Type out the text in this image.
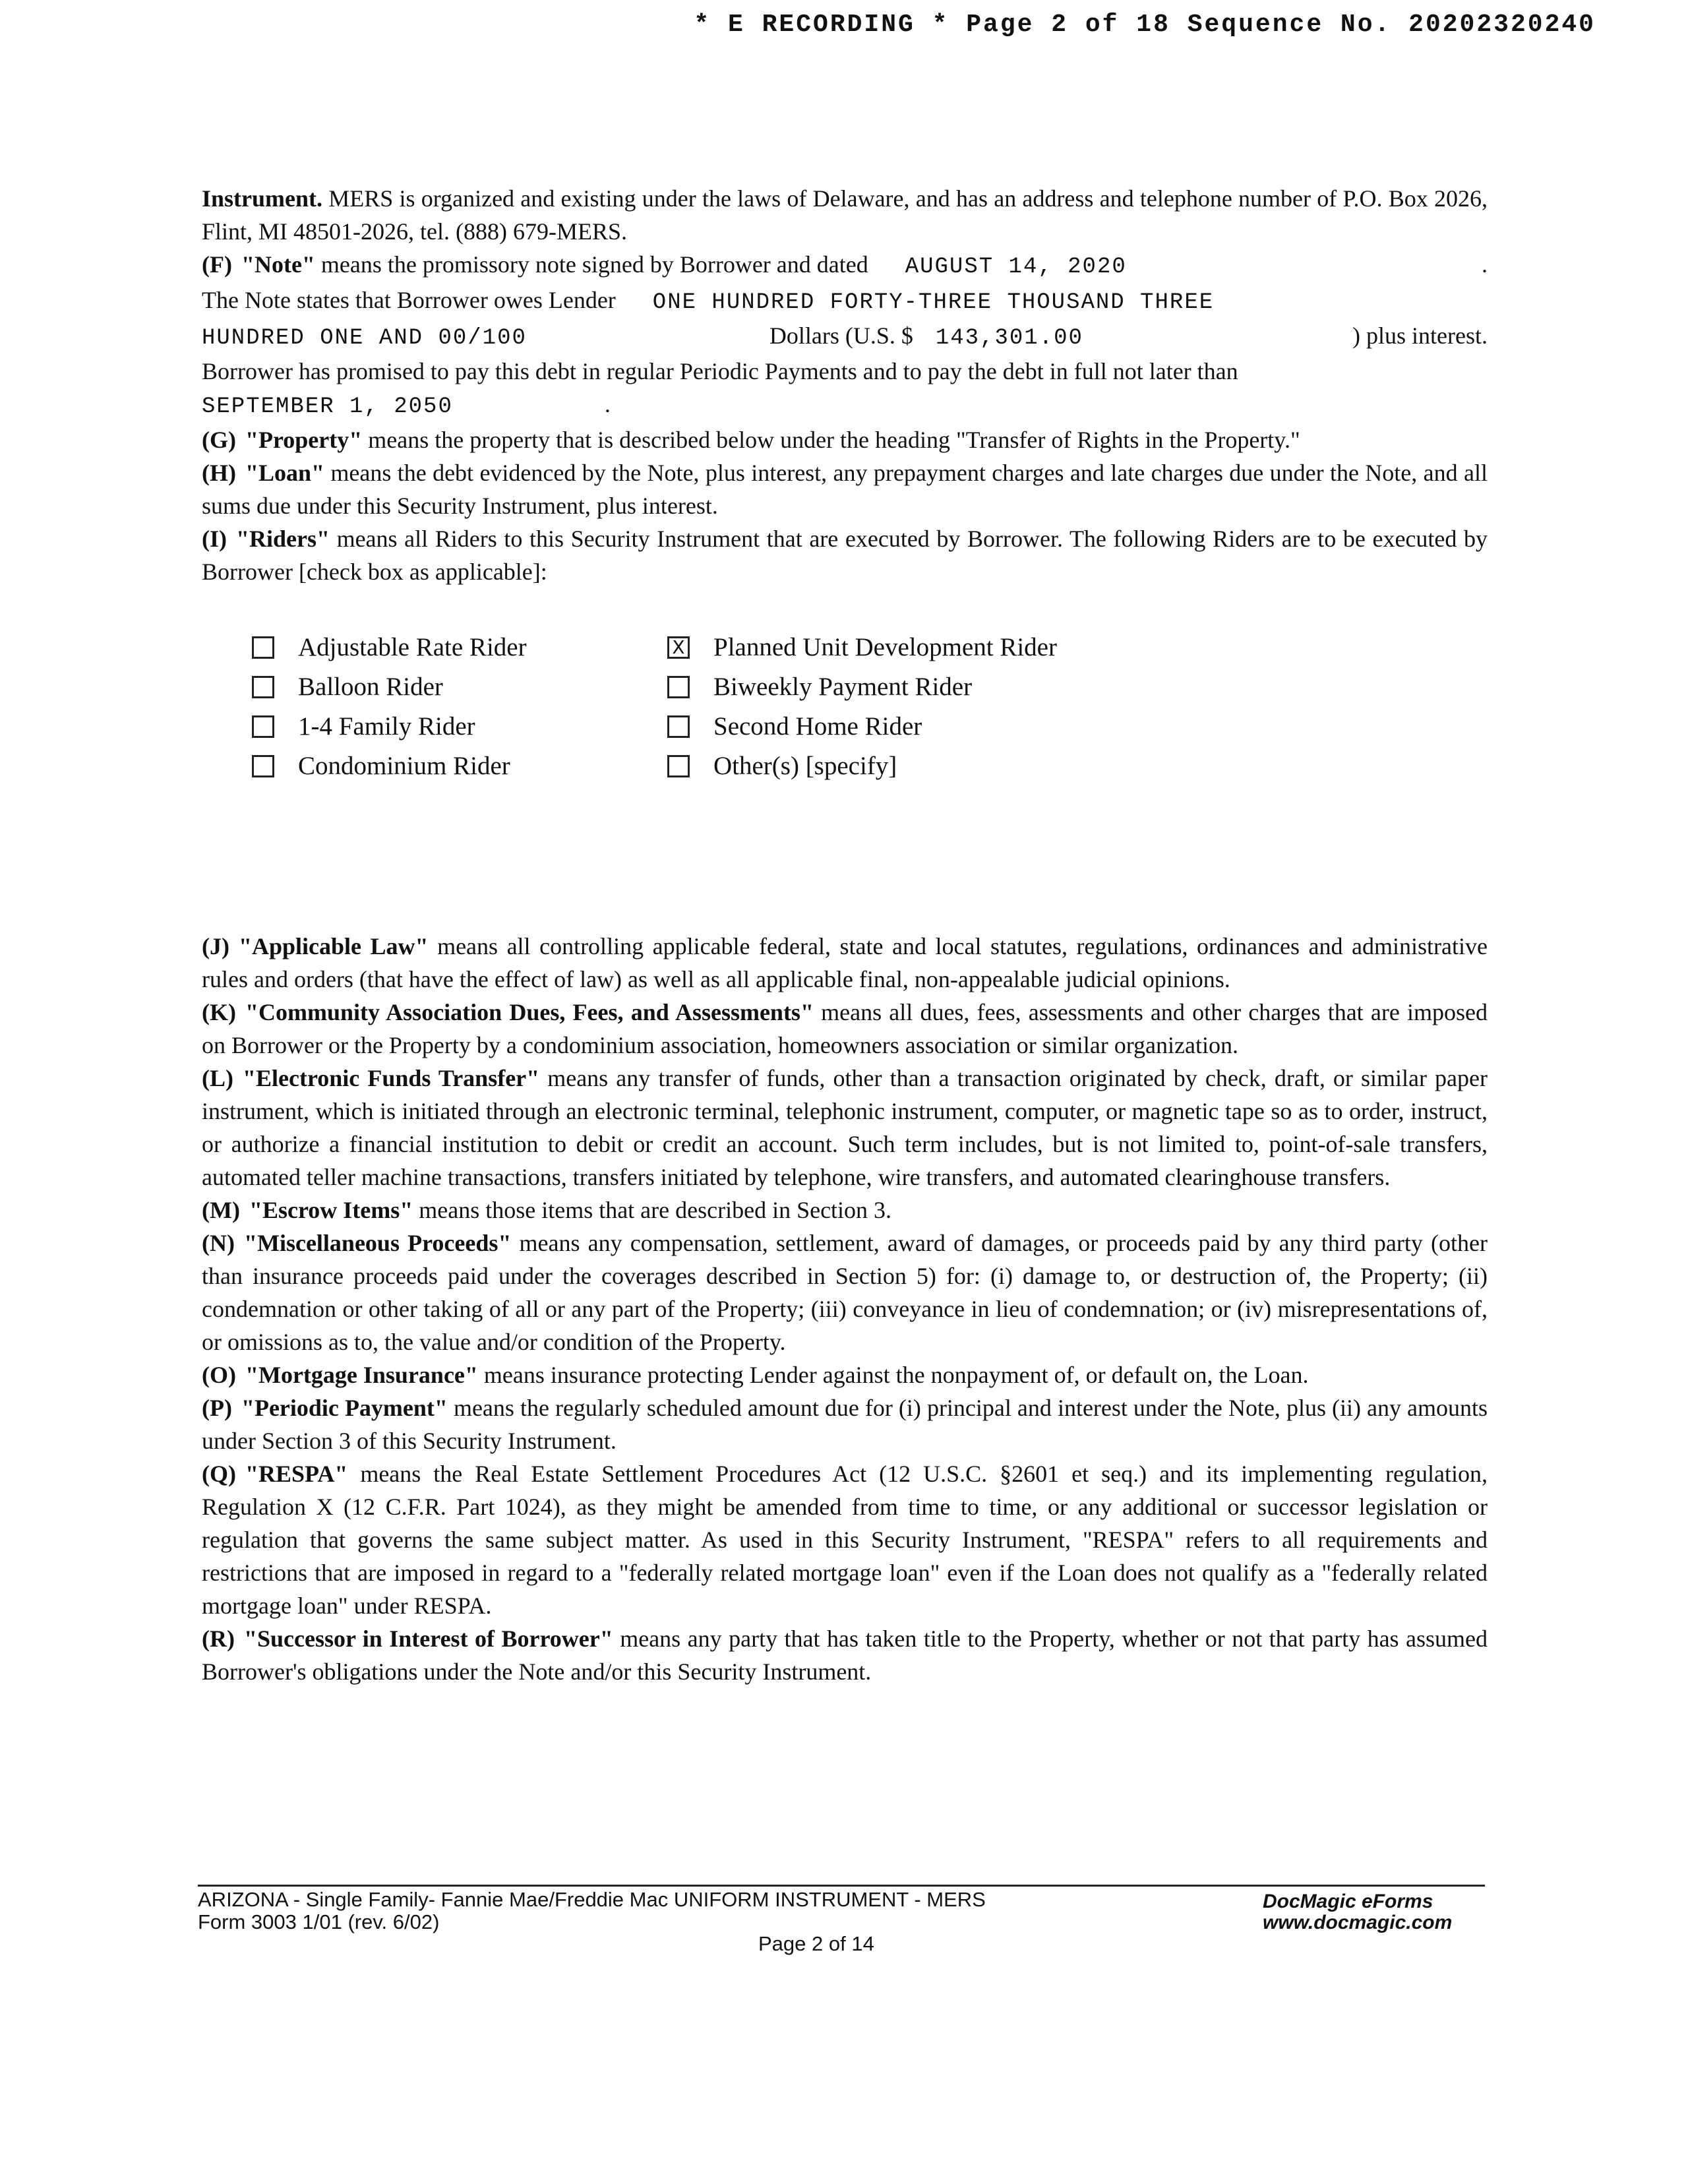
* E RECORDING * Page 2 of 18 Sequence No. 20202320240

Instrument. MERS is organized and existing under the laws of Delaware, and has an address and telephone number of P.O. Box 2026, Flint, MI 48501-2026, tel. (888) 679-MERS.

(F) "Note" means the promissory note signed by Borrower and dated AUGUST 14, 2020	.
The Note states that Borrower owes Lender ONE HUNDRED FORTY-THREE THOUSAND THREE
HUNDRED ONE AND 00/100	Dollars (U.S. $ 143,301.00	) plus interest.

Borrower has promised to pay this debt in regular Periodic Payments and to pay the debt in full not later than

SEPTEMBER 1, 2050	.

(G) "Property" means the property that is described below under the heading "Transfer of Rights in the Property."

(H) "Loan" means the debt evidenced by the Note, plus interest, any prepayment charges and late charges due under the Note, and all sums due under this Security Instrument, plus interest.

(I) "Riders" means all Riders to this Security Instrument that are executed by Borrower. The following Riders are to be executed by Borrower [check box as applicable]:

Adjustable Rate Rider	X Planned Unit Development Rider
Balloon Rider	Biweekly Payment Rider
1-4 Family Rider	Second Home Rider
Condominium Rider	Other(s) [specify]

(J) "Applicable Law" means all controlling applicable federal, state and local statutes, regulations, ordinances and administrative rules and orders (that have the effect of law) as well as all applicable final, non-appealable judicial opinions.

(K) "Community Association Dues, Fees, and Assessments" means all dues, fees, assessments and other charges that are imposed on Borrower or the Property by a condominium association, homeowners association or similar organization.

(L) "Electronic Funds Transfer" means any transfer of funds, other than a transaction originated by check, draft, or similar paper instrument, which is initiated through an electronic terminal, telephonic instrument, computer, or magnetic tape so as to order, instruct, or authorize a financial institution to debit or credit an account. Such term includes, but is not limited to, point-of-sale transfers, automated teller machine transactions, transfers initiated by telephone, wire transfers, and automated clearinghouse transfers.

(M) "Escrow Items" means those items that are described in Section 3.

(N) "Miscellaneous Proceeds" means any compensation, settlement, award of damages, or proceeds paid by any third party (other than insurance proceeds paid under the coverages described in Section 5) for: (i) damage to, or destruction of, the Property; (ii) condemnation or other taking of all or any part of the Property; (iii) conveyance in lieu of condemnation; or (iv) misrepresentations of, or omissions as to, the value and/or condition of the Property.

(O) "Mortgage Insurance" means insurance protecting Lender against the nonpayment of, or default on, the Loan.

(P) "Periodic Payment" means the regularly scheduled amount due for (i) principal and interest under the Note, plus (ii) any amounts under Section 3 of this Security Instrument.

(Q) "RESPA" means the Real Estate Settlement Procedures Act (12 U.S.C. §2601 et seq.) and its implementing regulation, Regulation X (12 C.F.R. Part 1024), as they might be amended from time to time, or any additional or successor legislation or regulation that governs the same subject matter. As used in this Security Instrument, "RESPA" refers to all requirements and restrictions that are imposed in regard to a "federally related mortgage loan" even if the Loan does not qualify as a "federally related mortgage loan" under RESPA.

(R) "Successor in Interest of Borrower" means any party that has taken title to the Property, whether or not that party has assumed Borrower's obligations under the Note and/or this Security Instrument.

ARIZONA - Single Family- Fannie Mae/Freddie Mac UNIFORM INSTRUMENT - MERS
Form 3003 1/01 (rev. 6/02)
DocMagic eForms
www.docmagic.com
Page 2 of 14
